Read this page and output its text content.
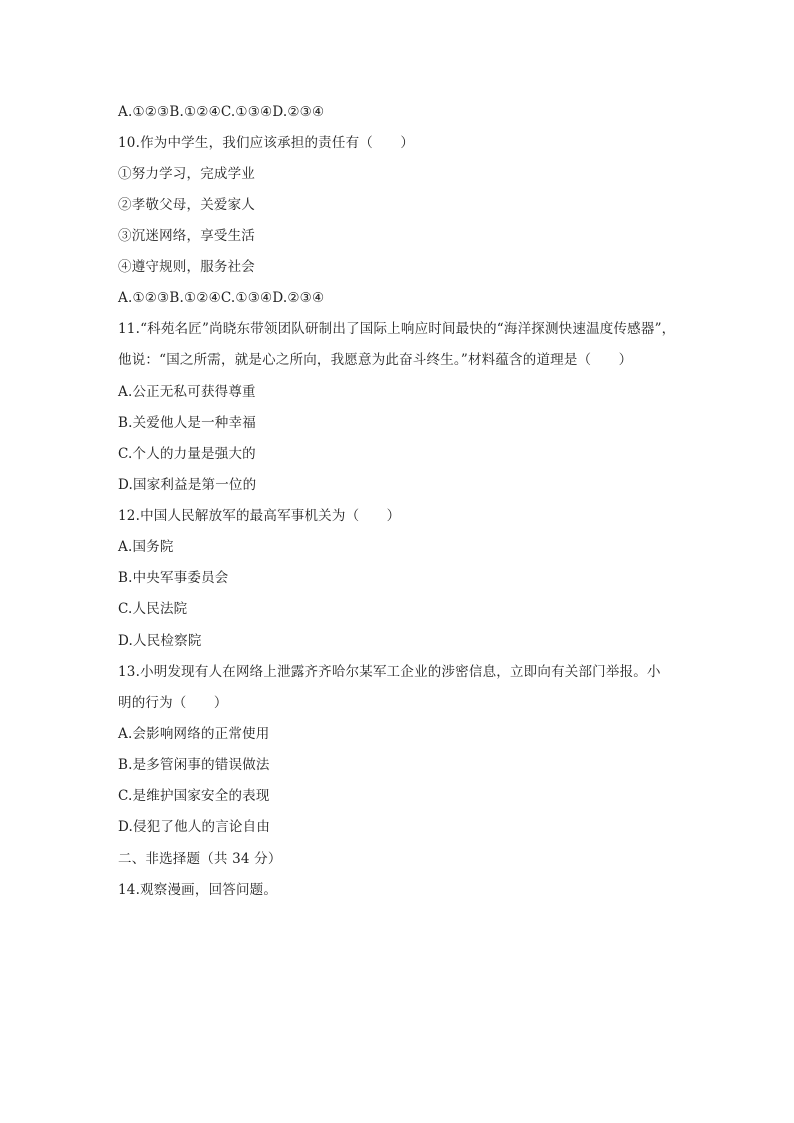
A.①②③B.①②④C.①③④D.②③④

10.作为中学生，我们应该承担的责任有（　　）

①努力学习，完成学业

②孝敬父母，关爱家人

③沉迷网络，享受生活

④遵守规则，服务社会

A.①②③B.①②④C.①③④D.②③④

11.“科苑名匠”尚晓东带领团队研制出了国际上响应时间最快的“海洋探测快速温度传感器”，

他说：“国之所需，就是心之所向，我愿意为此奋斗终生。”材料蕴含的道理是（　　）

A.公正无私可获得尊重

B.关爱他人是一种幸福

C.个人的力量是强大的

D.国家利益是第一位的

12.中国人民解放军的最高军事机关为（　　）

A.国务院

B.中央军事委员会

C.人民法院

D.人民检察院

13.小明发现有人在网络上泄露齐齐哈尔某军工企业的涉密信息，立即向有关部门举报。小

明的行为（　　）

A.会影响网络的正常使用

B.是多管闲事的错误做法

C.是维护国家安全的表现

D.侵犯了他人的言论自由

二、非选择题（共 34 分）

14.观察漫画，回答问题。
